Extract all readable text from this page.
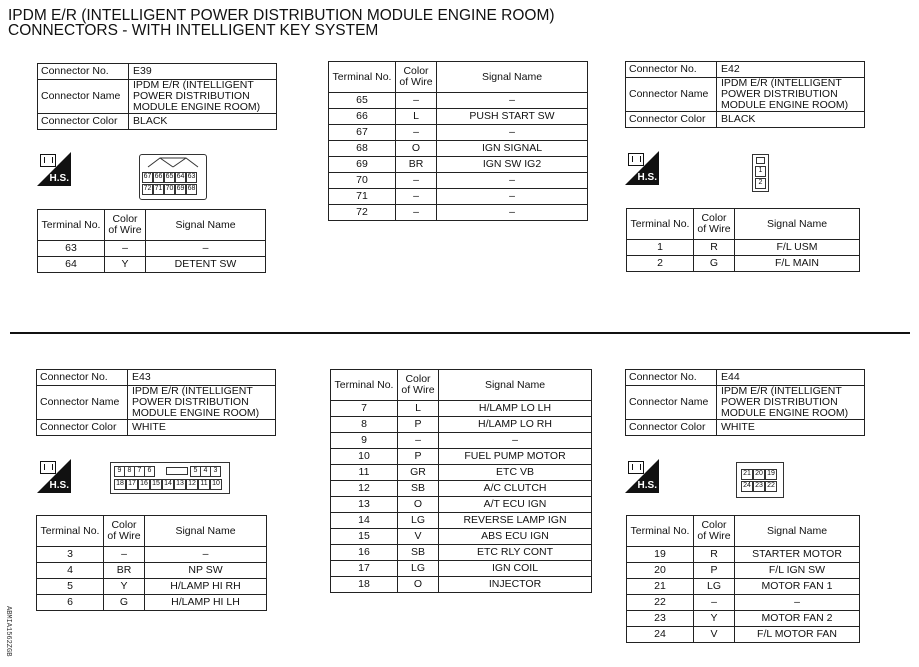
IPDM E/R (INTELLIGENT POWER DISTRIBUTION MODULE ENGINE ROOM)
CONNECTORS - WITH INTELLIGENT KEY SYSTEM
Connector No.	E39
Connector Name	IPDM E/R (INTELLIGENT POWER DISTRIBUTION MODULE ENGINE ROOM)
Connector Color	BLACK
H.S.	67 66 65 64 63
72 71 70 69 68
Terminal No.	Color of Wire	Signal Name
63	–	–
64	Y	DETENT SW
Terminal No.	Color of Wire	Signal Name
65	–	–
66	L	PUSH START SW
67	–	–
68	O	IGN SIGNAL
69	BR	IGN SW IG2
70	–	–
71	–	–
72	–	–
Connector No.	E42
Connector Name	IPDM E/R (INTELLIGENT POWER DISTRIBUTION MODULE ENGINE ROOM)
Connector Color	BLACK
H.S.
1
2
Terminal No.	Color of Wire	Signal Name
1	R	F/L USM
2	G	F/L MAIN
Connector No.	E43
Connector Name	IPDM E/R (INTELLIGENT POWER DISTRIBUTION MODULE ENGINE ROOM)
Connector Color	WHITE
H.S.
9 8 7 6	5 4 3
18 17 16 15 14 13 12 11 10
Terminal No.	Color of Wire	Signal Name
3	–	–
4	BR	NP SW
5	Y	H/LAMP HI RH
6	G	H/LAMP HI LH
Terminal No.	Color of Wire	Signal Name
7	L	H/LAMP LO LH
8	P	H/LAMP LO RH
9	–	–
10	P	FUEL PUMP MOTOR
11	GR	ETC VB
12	SB	A/C CLUTCH
13	O	A/T ECU IGN
14	LG	REVERSE LAMP IGN
15	V	ABS ECU IGN
16	SB	ETC RLY CONT
17	LG	IGN COIL
18	O	INJECTOR
Connector No.	E44
Connector Name	IPDM E/R (INTELLIGENT POWER DISTRIBUTION MODULE ENGINE ROOM)
Connector Color	WHITE
H.S.
21 20 19
24 23 22
Terminal No.	Color of Wire	Signal Name
19	R	STARTER MOTOR
20	P	F/L IGN SW
21	LG	MOTOR FAN 1
22	–	–
23	Y	MOTOR FAN 2
24	V	F/L MOTOR FAN
ABMIA1562ZGB
